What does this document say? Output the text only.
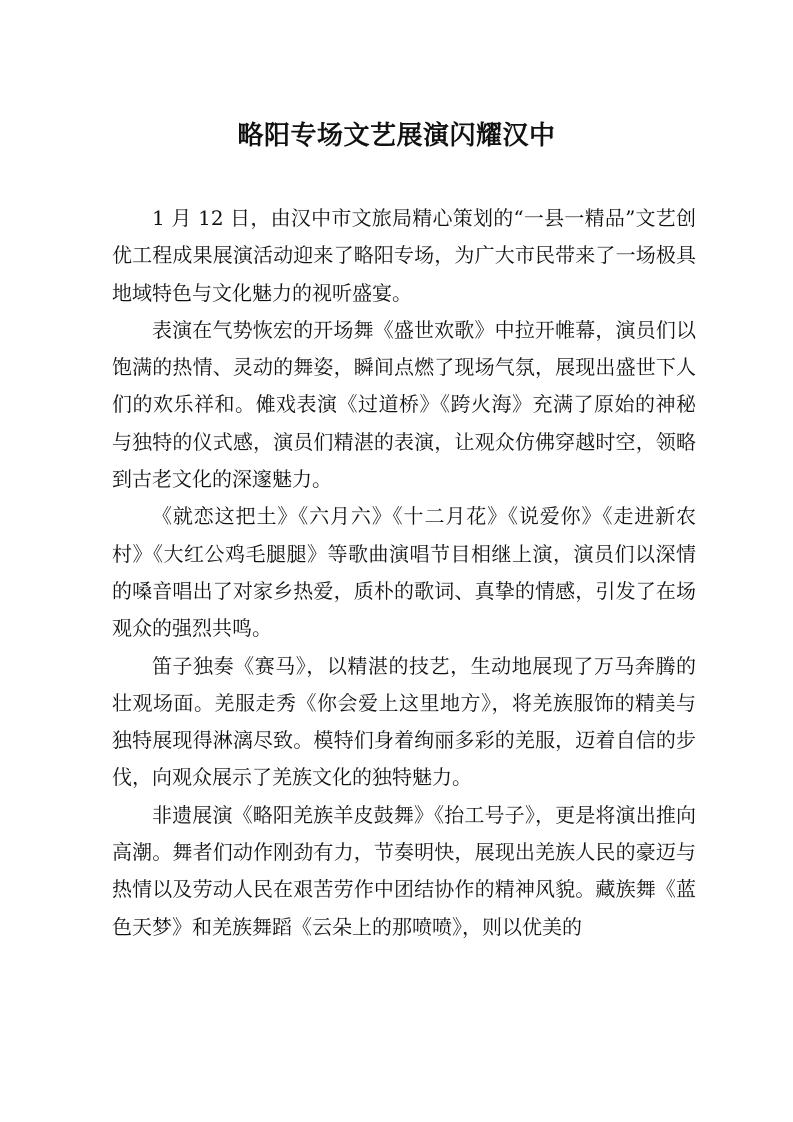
略阳专场文艺展演闪耀汉中

1 月 12 日，由汉中市文旅局精心策划的“一县一精品”文艺创优工程成果展演活动迎来了略阳专场，为广大市民带来了一场极具地域特色与文化魅力的视听盛宴。

表演在气势恢宏的开场舞《盛世欢歌》中拉开帷幕，演员们以饱满的热情、灵动的舞姿，瞬间点燃了现场气氛，展现出盛世下人们的欢乐祥和。傩戏表演《过道桥》《跨火海》充满了原始的神秘与独特的仪式感，演员们精湛的表演，让观众仿佛穿越时空，领略到古老文化的深邃魅力。

《就恋这把土》《六月六》《十二月花》《说爱你》《走进新农村》《大红公鸡毛腿腿》等歌曲演唱节目相继上演，演员们以深情的嗓音唱出了对家乡热爱，质朴的歌词、真挚的情感，引发了在场观众的强烈共鸣。

笛子独奏《赛马》，以精湛的技艺，生动地展现了万马奔腾的壮观场面。羌服走秀《你会爱上这里地方》，将羌族服饰的精美与独特展现得淋漓尽致。模特们身着绚丽多彩的羌服，迈着自信的步伐，向观众展示了羌族文化的独特魅力。

非遗展演《略阳羌族羊皮鼓舞》《抬工号子》，更是将演出推向高潮。舞者们动作刚劲有力，节奏明快，展现出羌族人民的豪迈与热情以及劳动人民在艰苦劳作中团结协作的精神风貌。藏族舞《蓝色天梦》和羌族舞蹈《云朵上的那喷喷》，则以优美的
